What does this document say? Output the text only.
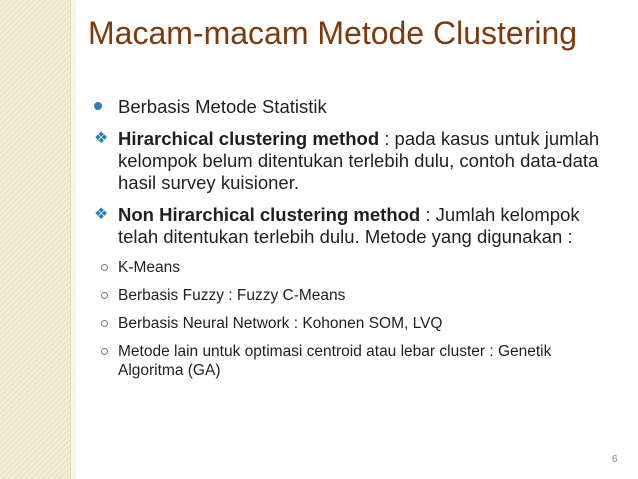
Macam-macam Metode Clustering
Berbasis Metode Statistik
❖ Hirarchical clustering method : pada kasus untuk jumlah kelompok belum ditentukan terlebih dulu, contoh data-data hasil survey kuisioner.
❖ Non Hirarchical clustering method : Jumlah kelompok telah ditentukan terlebih dulu. Metode yang digunakan :
K-Means
Berbasis Fuzzy : Fuzzy C-Means
Berbasis Neural Network : Kohonen SOM, LVQ
Metode lain untuk optimasi centroid atau lebar cluster : Genetik Algoritma (GA)
6
